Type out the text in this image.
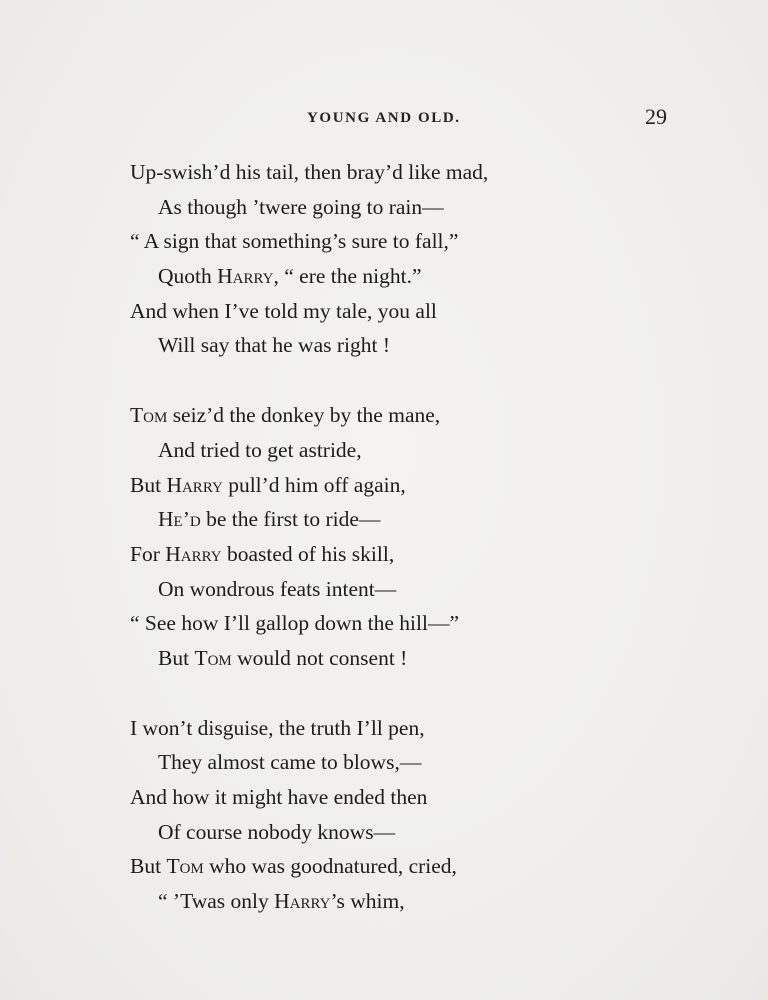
YOUNG AND OLD.	29
Up-swish’d his tail, then bray’d like mad,
As though ’twere going to rain—
“ A sign that something’s sure to fall,”
Quoth Harry, “ ere the night.”
And when I’ve told my tale, you all
Will say that he was right !
Tom seiz’d the donkey by the mane,
And tried to get astride,
But Harry pull’d him off again,
He’d be the first to ride—
For Harry boasted of his skill,
On wondrous feats intent—
“ See how I’ll gallop down the hill—”
But Tom would not consent !
I won’t disguise, the truth I’ll pen,
They almost came to blows,—
And how it might have ended then
Of course nobody knows—
But Tom who was goodnatured, cried,
“ ’Twas only Harry’s whim,
